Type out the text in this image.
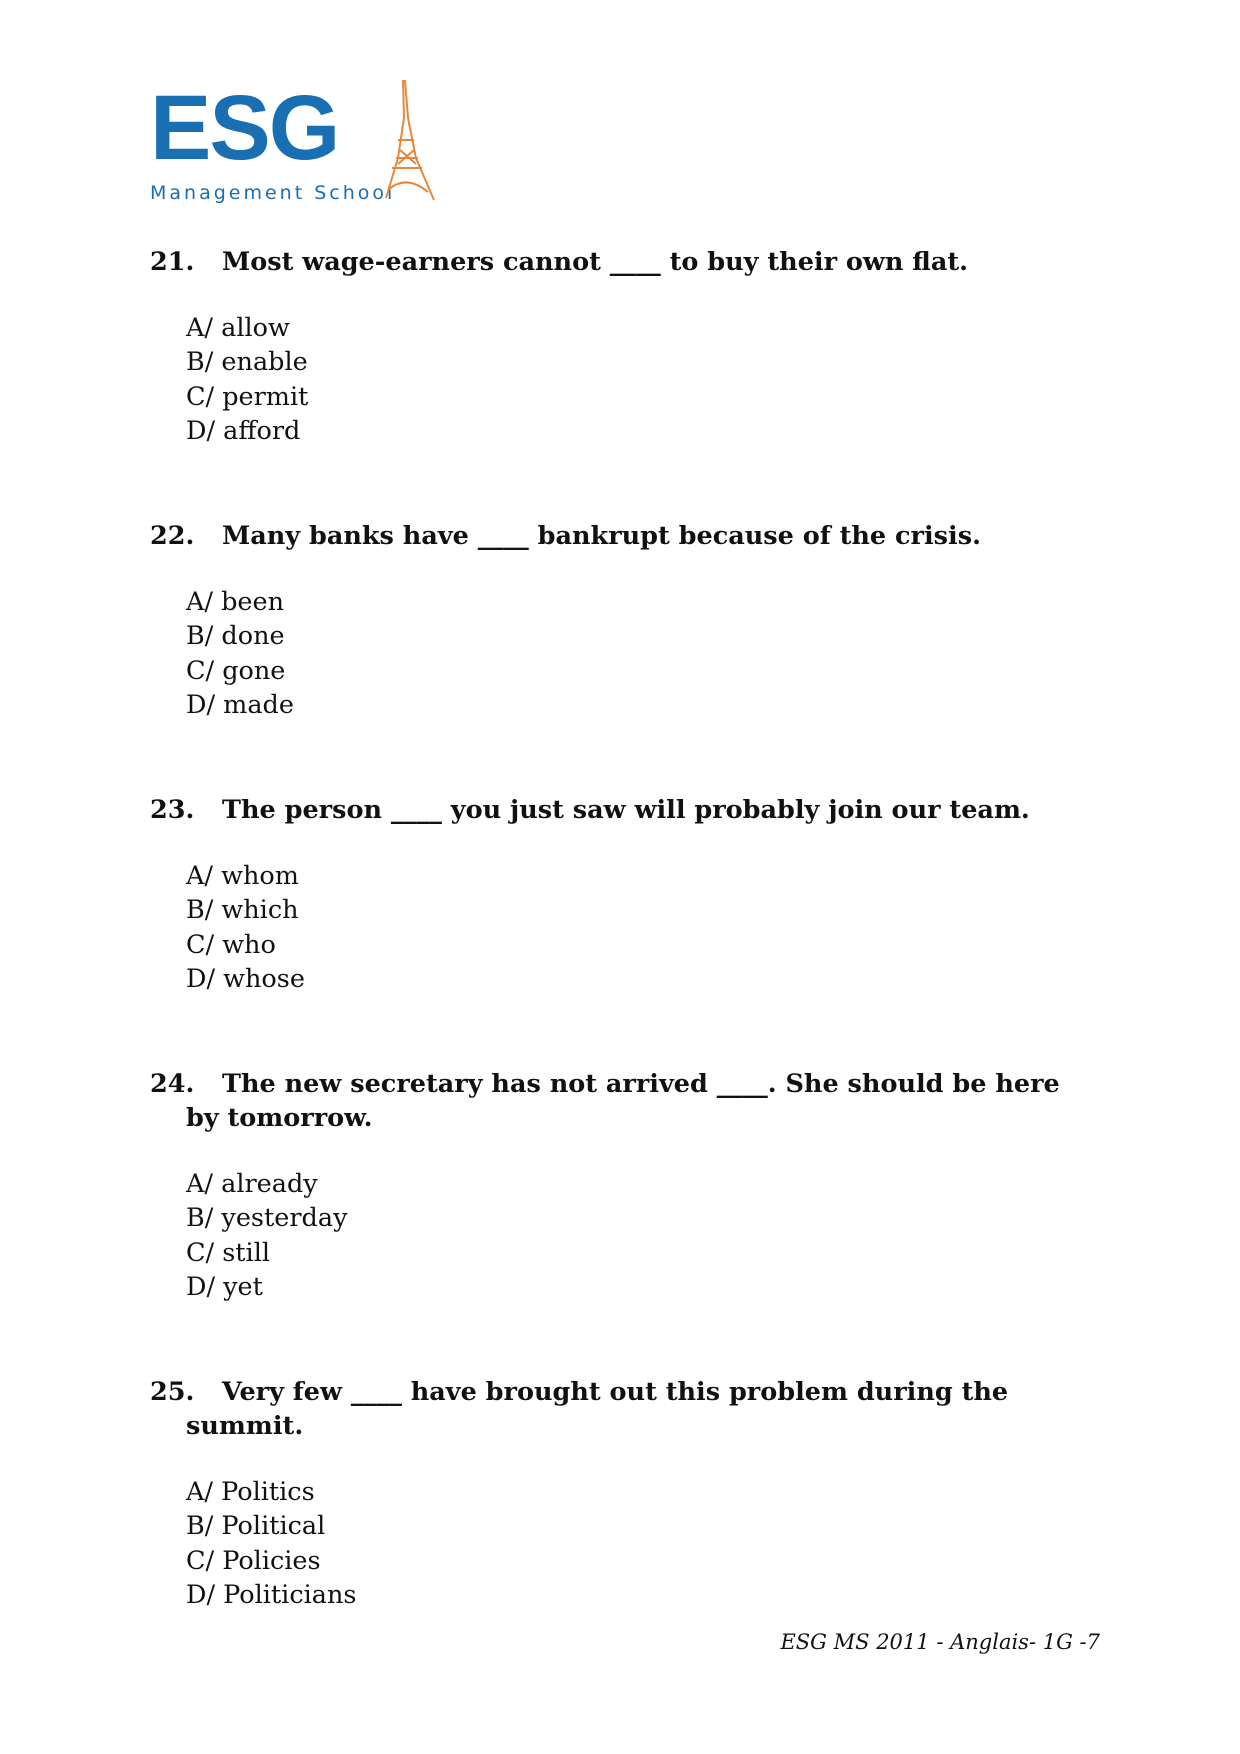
ESG
Management School

21. Most wage-earners cannot ____ to buy their own flat.

A/ allow
B/ enable
C/ permit
D/ afford

22. Many banks have ____ bankrupt because of the crisis.

A/ been
B/ done
C/ gone
D/ made

23. The person ____ you just saw will probably join our team.

A/ whom
B/ which
C/ who
D/ whose

24. The new secretary has not arrived ____. She should be here by tomorrow.

A/ already
B/ yesterday
C/ still
D/ yet

25. Very few ____ have brought out this problem during the summit.

A/ Politics
B/ Political
C/ Policies
D/ Politicians
ESG MS 2011 - Anglais- 1G -7
